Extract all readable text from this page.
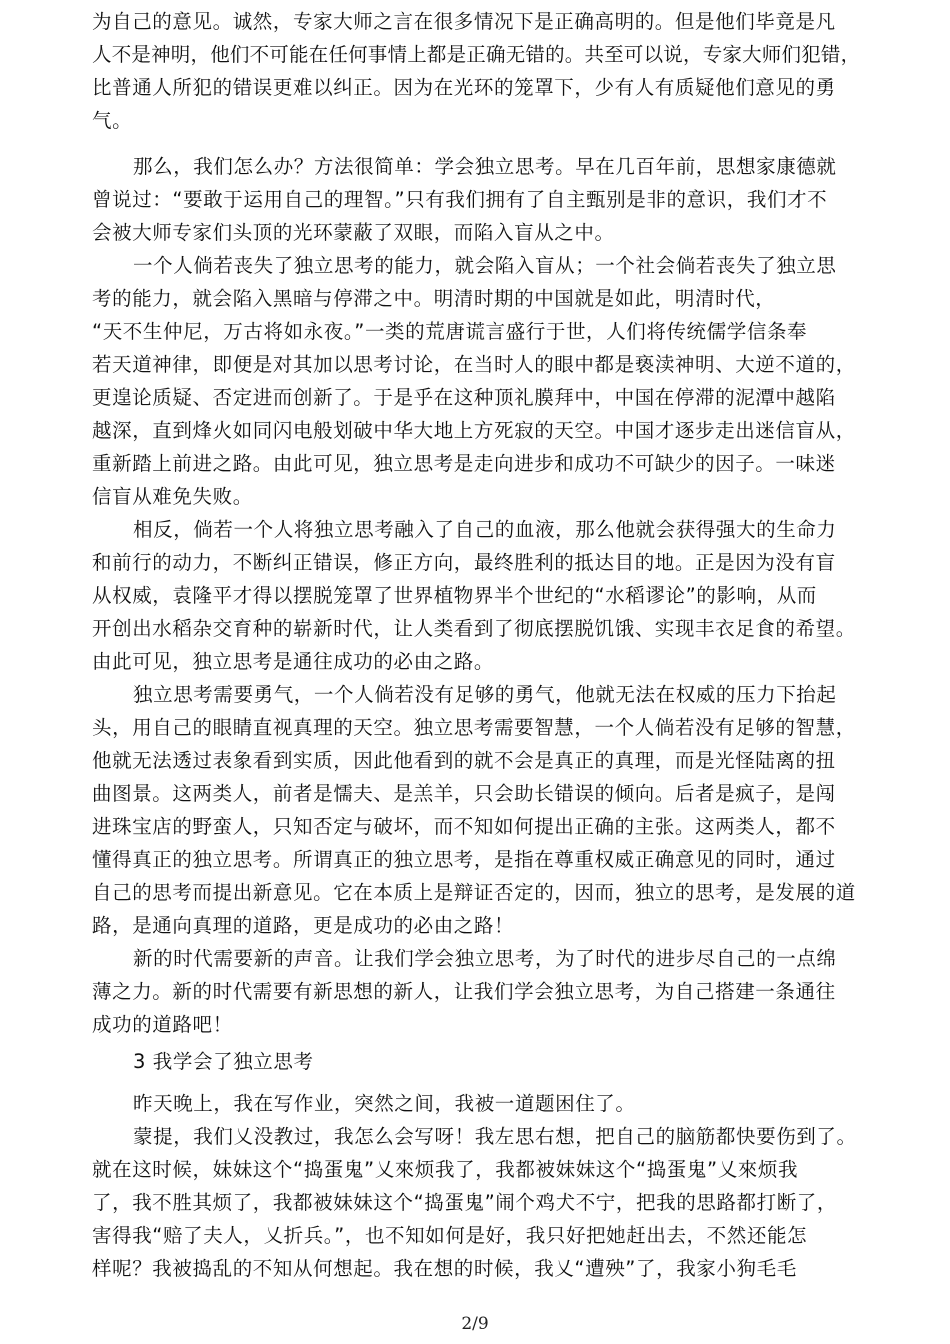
为自己的意见。诚然，专家大师之言在很多情况下是正确高明的。但是他们毕竟是凡
人不是神明，他们不可能在任何事情上都是正确无错的。共至可以说，专家大师们犯错，
比普通人所犯的错误更难以纠正。因为在光环的笼罩下，少有人有质疑他们意见的勇
气。
那么，我们怎么办？方法很简单：学会独立思考。早在几百年前，思想家康德就
曾说过：“要敢于运用自己的理智。”只有我们拥有了自主甄别是非的意识，我们才不
会被大师专家们头顶的光环蒙蔽了双眼，而陷入盲从之中。
一个人倘若丧失了独立思考的能力，就会陷入盲从；一个社会倘若丧失了独立思
考的能力，就会陷入黑暗与停滞之中。明清时期的中国就是如此，明清时代，
“天不生仲尼，万古将如永夜。”一类的荒唐谎言盛行于世，人们将传统儒学信条奉
若天道神律，即便是对其加以思考讨论，在当时人的眼中都是亵渎神明、大逆不道的，
更遑论质疑、否定进而创新了。于是乎在这种顶礼膜拜中，中国在停滞的泥潭中越陷
越深，直到烽火如同闪电般划破中华大地上方死寂的天空。中国才逐步走出迷信盲从，
重新踏上前进之路。由此可见，独立思考是走向进步和成功不可缺少的因子。一味迷
信盲从难免失败。
相反，倘若一个人将独立思考融入了自己的血液，那么他就会获得强大的生命力
和前行的动力，不断纠正错误，修正方向，最终胜利的抵达目的地。正是因为没有盲
从权威，袁隆平才得以摆脱笼罩了世界植物界半个世纪的“水稻谬论”的影响，从而
开创出水稻杂交育种的崭新时代，让人类看到了彻底摆脱饥饿、实现丰衣足食的希望。
由此可见，独立思考是通往成功的必由之路。
独立思考需要勇气，一个人倘若没有足够的勇气，他就无法在权威的压力下抬起
头，用自己的眼睛直视真理的天空。独立思考需要智慧，一个人倘若没有足够的智慧，
他就无法透过表象看到实质，因此他看到的就不会是真正的真理，而是光怪陆离的扭
曲图景。这两类人，前者是懦夫、是羔羊，只会助长错误的倾向。后者是疯子，是闯
进珠宝店的野蛮人，只知否定与破坏，而不知如何提出正确的主张。这两类人，都不
懂得真正的独立思考。所谓真正的独立思考，是指在尊重权威正确意见的同时，通过
自己的思考而提出新意见。它在本质上是辩证否定的，因而，独立的思考，是发展的道
路，是通向真理的道路，更是成功的必由之路！
新的时代需要新的声音。让我们学会独立思考，为了时代的进步尽自己的一点绵
薄之力。新的时代需要有新思想的新人，让我们学会独立思考，为自己搭建一条通往
成功的道路吧！
3 我学会了独立思考
昨天晚上，我在写作业，突然之间，我被一道题困住了。
蒙提，我们乂没教过，我怎么会写呀！我左思右想，把自己的脑筋都快要伤到了。
就在这时候，妹妹这个“捣蛋鬼”乂來烦我了，我都被妹妹这个“捣蛋鬼”乂來烦我
了，我不胜其烦了，我都被妹妹这个“捣蛋鬼”闹个鸡犬不宁，把我的思路都打断了，
害得我“赔了夫人，乂折兵。”，也不知如何是好，我只好把她赶出去，不然还能怎
样呢？我被捣乱的不知从何想起。我在想的时候，我乂“遭殃”了，我家小狗毛毛
2/9
